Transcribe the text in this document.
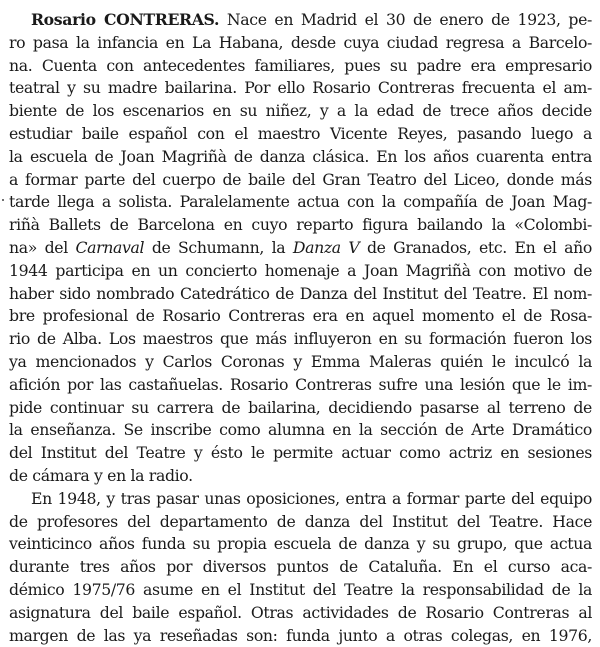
Rosario CONTRERAS. Nace en Madrid el 30 de enero de 1923, pe-
ro pasa la infancia en La Habana, desde cuya ciudad regresa a Barcelo-
na. Cuenta con antecedentes familiares, pues su padre era empresario
teatral y su madre bailarina. Por ello Rosario Contreras frecuenta el am-
biente de los escenarios en su niñez, y a la edad de trece años decide
estudiar baile español con el maestro Vicente Reyes, pasando luego a
la escuela de Joan Magriñà de danza clásica. En los años cuarenta entra
a formar parte del cuerpo de baile del Gran Teatro del Liceo, donde más
tarde llega a solista. Paralelamente actua con la compañía de Joan Mag-
riñà Ballets de Barcelona en cuyo reparto figura bailando la «Colombi-
na» del Carnaval de Schumann, la Danza V de Granados, etc. En el año
1944 participa en un concierto homenaje a Joan Magriñà con motivo de
haber sido nombrado Catedrático de Danza del Institut del Teatre. El nom-
bre profesional de Rosario Contreras era en aquel momento el de Rosa-
rio de Alba. Los maestros que más influyeron en su formación fueron los
ya mencionados y Carlos Coronas y Emma Maleras quién le inculcó la
afición por las castañuelas. Rosario Contreras sufre una lesión que le im-
pide continuar su carrera de bailarina, decidiendo pasarse al terreno de
la enseñanza. Se inscribe como alumna en la sección de Arte Dramático
del Institut del Teatre y ésto le permite actuar como actriz en sesiones
de cámara y en la radio.
En 1948, y tras pasar unas oposiciones, entra a formar parte del equipo
de profesores del departamento de danza del Institut del Teatre. Hace
veinticinco años funda su propia escuela de danza y su grupo, que actua
durante tres años por diversos puntos de Cataluña. En el curso aca-
démico 1975/76 asume en el Institut del Teatre la responsabilidad de la
asignatura del baile español. Otras actividades de Rosario Contreras al
margen de las ya reseñadas son: funda junto a otras colegas, en 1976,
